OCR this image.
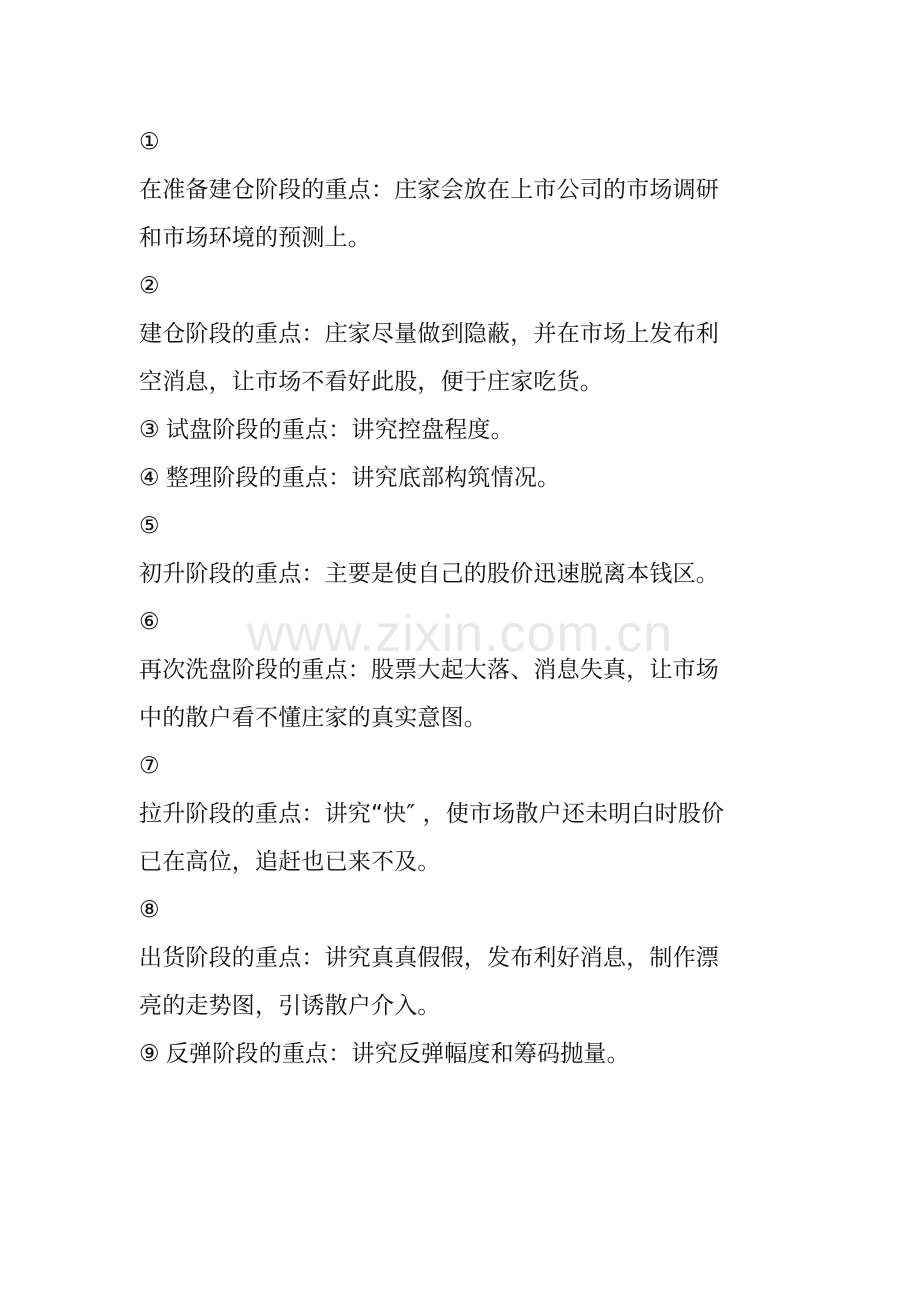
①
在准备建仓阶段的重点：庄家会放在上市公司的市场调研
和市场环境的预测上。
②
建仓阶段的重点：庄家尽量做到隐蔽，并在市场上发布利
空消息，让市场不看好此股，便于庄家吃货。
③ 试盘阶段的重点：讲究控盘程度。
④ 整理阶段的重点：讲究底部构筑情况。
⑤
初升阶段的重点：主要是使自己的股价迅速脱离本钱区。
⑥
再次洗盘阶段的重点：股票大起大落、消息失真，让市场
中的散户看不懂庄家的真实意图。
⑦
拉升阶段的重点：讲究“快″ ，使市场散户还未明白时股价
已在高位，追赶也已来不及。
⑧
出货阶段的重点：讲究真真假假，发布利好消息，制作漂
亮的走势图，引诱散户介入。
⑨ 反弹阶段的重点：讲究反弹幅度和筹码抛量。
www.zixin.com.cn
